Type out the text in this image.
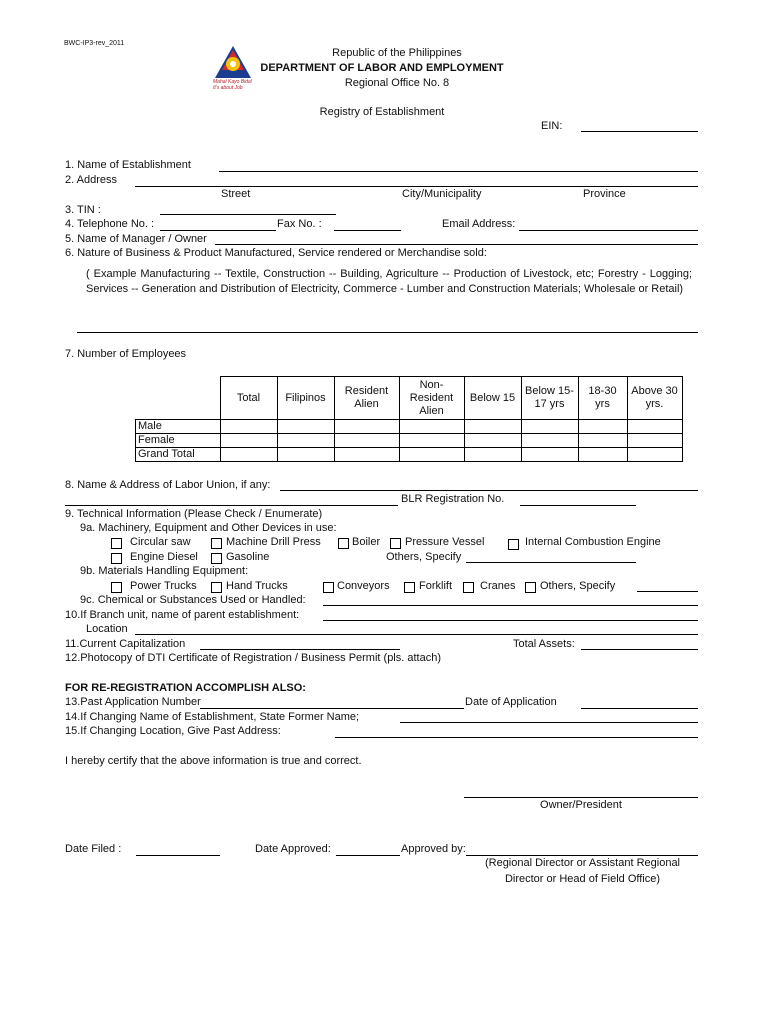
BWC-IP3-rev_2011
Mahal Kayo Bida!
It's about Job
Republic of the Philippines
DEPARTMENT OF LABOR AND EMPLOYMENT
Regional Office No. 8
Registry of Establishment
EIN:
1. Name of Establishment
2. Address
Street	City/Municipality	Province
3. TIN :
4. Telephone No. :	Fax No. :	Email Address:
5. Name of Manager / Owner
6. Nature of Business & Product Manufactured, Service rendered or Merchandise sold:
( Example Manufacturing -- Textile, Construction -- Building, Agriculture -- Production of Livestock, etc; Forestry - Logging; Services -- Generation and Distribution of Electricity, Commerce - Lumber and Construction Materials; Wholesale or Retail)
7. Number of Employees
	Total	Filipinos	Resident Alien	Non-Resident Alien	Below 15	Below 15-17 yrs	18-30 yrs	Above 30 yrs.
Male								
Female								
Grand Total								
8. Name & Address of Labor Union, if any:
BLR Registration No.
9. Technical Information (Please Check / Enumerate)
9a. Machinery, Equipment and Other Devices in use:
Circular saw	Machine Drill Press	Boiler Pressure Vessel	Internal Combustion Engine
Engine Diesel	Gasoline	Others, Specify
9b. Materials Handling Equipment:
Power Trucks	Hand Trucks	Conveyors	Forklift	Cranes Others, Specify
9c. Chemical or Substances Used or Handled:
10.If Branch unit, name of parent establishment:
Location
11.Current Capitalization	Total Assets:
12.Photocopy of DTI Certificate of Registration / Business Permit (pls. attach)
FOR RE-REGISTRATION ACCOMPLISH ALSO:
13.Past Application Number	Date of Application
14.If Changing Name of Establishment, State Former Name;
15.If Changing Location, Give Past Address:
I hereby certify that the above information is true and correct.
Owner/President
Date Filed :	Date Approved:	Approved by:
(Regional Director or Assistant Regional
Director or Head of Field Office)
